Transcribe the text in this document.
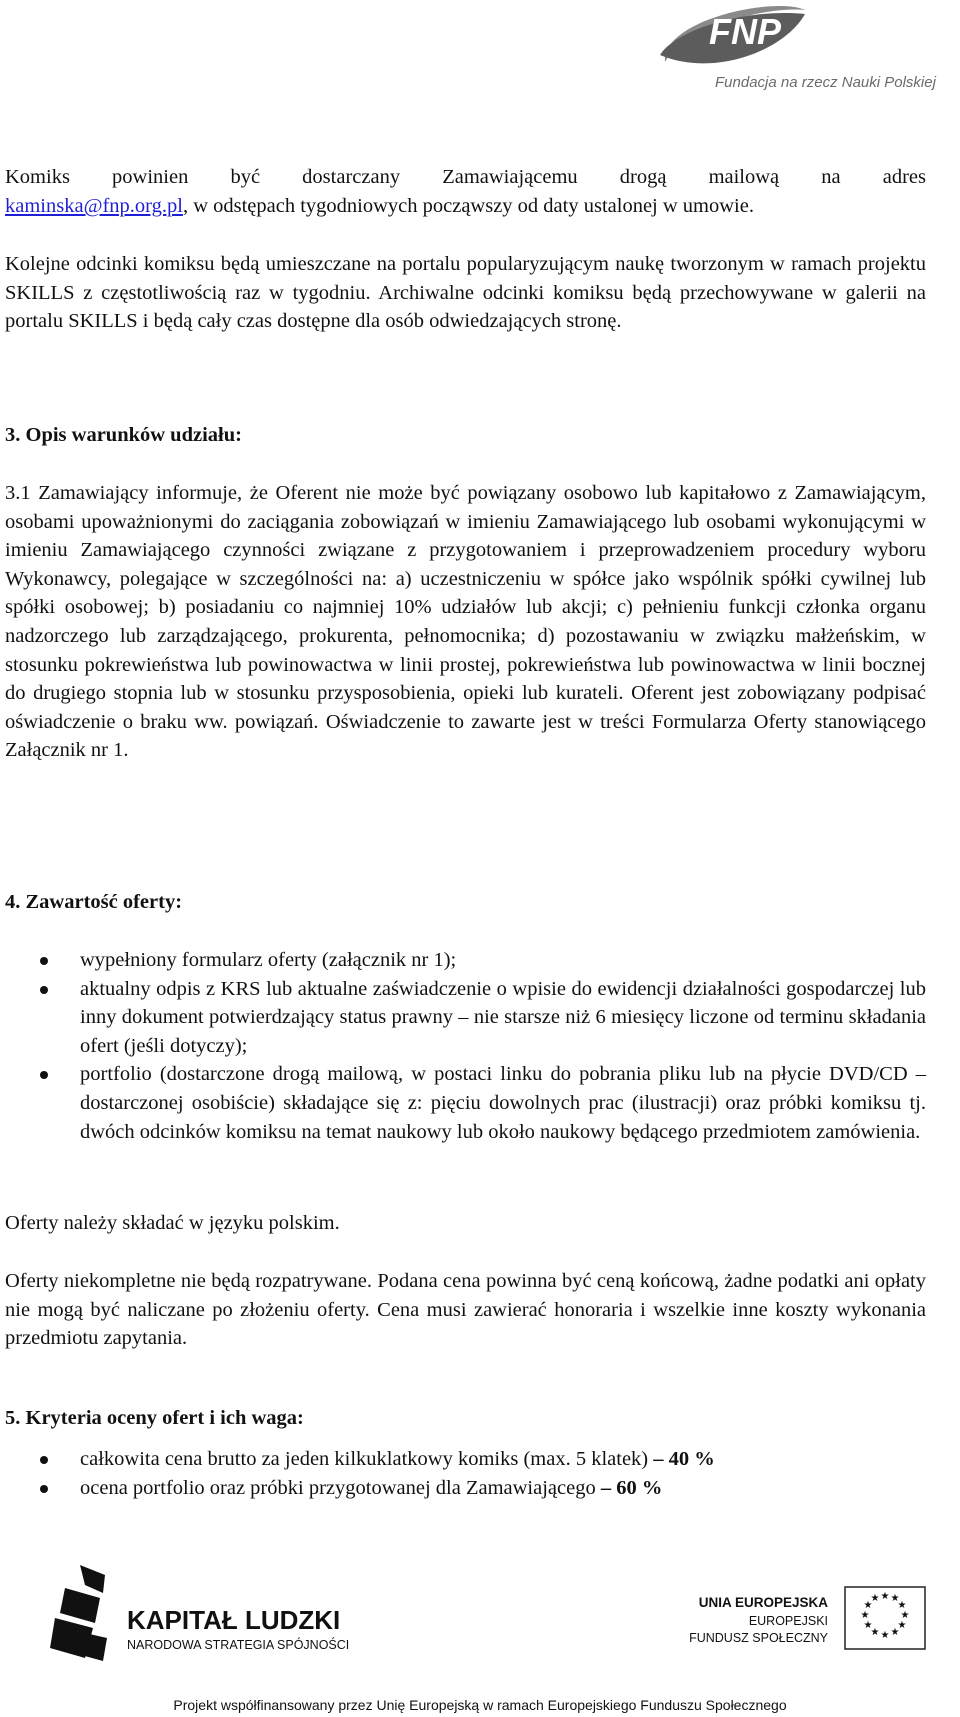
FNP
Fundacja na rzecz Nauki Polskiej

Komiks powinien być dostarczany Zamawiającemu drogą mailową na adres

kaminska@fnp.org.pl, w odstępach tygodniowych począwszy od daty ustalonej w umowie.

Kolejne odcinki komiksu będą umieszczane na portalu popularyzującym naukę tworzonym w ramach projektu SKILLS z częstotliwością raz w tygodniu. Archiwalne odcinki komiksu będą przechowywane w galerii na portalu SKILLS i będą cały czas dostępne dla osób odwiedzających stronę.

3. Opis warunków udziału:

3.1 Zamawiający informuje, że Oferent nie może być powiązany osobowo lub kapitałowo z Zamawiającym, osobami upoważnionymi do zaciągania zobowiązań w imieniu Zamawiającego lub osobami wykonującymi w imieniu Zamawiającego czynności związane z przygotowaniem i przeprowadzeniem procedury wyboru Wykonawcy, polegające w szczególności na: a) uczestniczeniu w spółce jako wspólnik spółki cywilnej lub spółki osobowej; b) posiadaniu co najmniej 10% udziałów lub akcji; c) pełnieniu funkcji członka organu nadzorczego lub zarządzającego, prokurenta, pełnomocnika; d) pozostawaniu w związku małżeńskim, w stosunku pokrewieństwa lub powinowactwa w linii prostej, pokrewieństwa lub powinowactwa w linii bocznej do drugiego stopnia lub w stosunku przysposobienia, opieki lub kurateli. Oferent jest zobowiązany podpisać oświadczenie o braku ww. powiązań. Oświadczenie to zawarte jest w treści Formularza Oferty stanowiącego Załącznik nr 1.

4. Zawartość oferty:
wypełniony formularz oferty (załącznik nr 1);
aktualny odpis z KRS lub aktualne zaświadczenie o wpisie do ewidencji działalności gospodarczej lub inny dokument potwierdzający status prawny – nie starsze niż 6 miesięcy liczone od terminu składania ofert (jeśli dotyczy);
portfolio (dostarczone drogą mailową, w postaci linku do pobrania pliku lub na płycie DVD/CD – dostarczonej osobiście) składające się z: pięciu dowolnych prac (ilustracji) oraz próbki komiksu tj. dwóch odcinków komiksu na temat naukowy lub około naukowy będącego przedmiotem zamówienia.

Oferty należy składać w języku polskim.

Oferty niekompletne nie będą rozpatrywane. Podana cena powinna być ceną końcową, żadne podatki ani opłaty nie mogą być naliczane po złożeniu oferty. Cena musi zawierać honoraria i wszelkie inne koszty wykonania przedmiotu zapytania.

5. Kryteria oceny ofert i ich waga:
całkowita cena brutto za jeden kilkuklatkowy komiks (max. 5 klatek) – 40 %
ocena portfolio oraz próbki przygotowanej dla Zamawiającego – 60 %
KAPITAŁ LUDZKI
NARODOWA STRATEGIA SPÓJNOŚCI
UNIA EUROPEJSKA
EUROPEJSKI
FUNDUSZ SPOŁECZNY
★ ★
★
★
★
★
★
★
★
★
★
★
Projekt współfinansowany przez Unię Europejską w ramach Europejskiego Funduszu Społecznego
